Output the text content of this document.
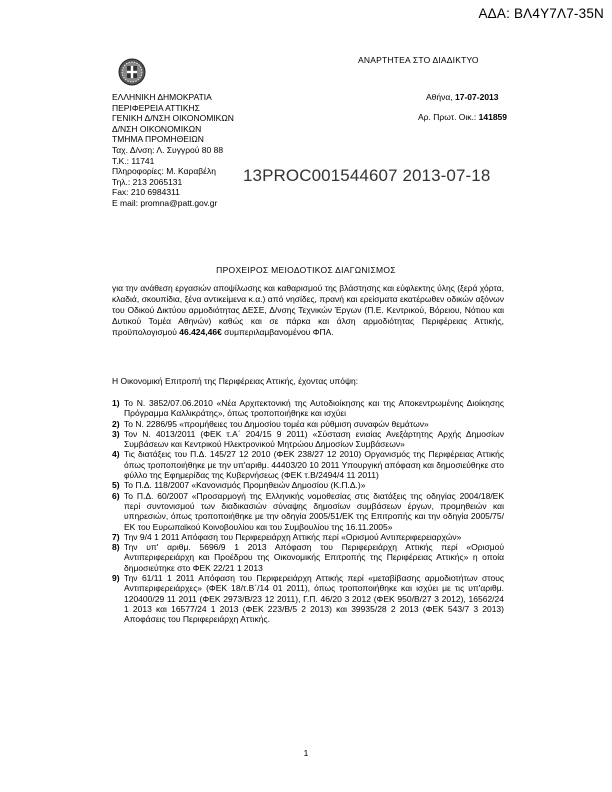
ΑΔΑ: ΒΛ4Υ7Λ7-35Ν
ΑΝΑΡΤΗΤΕΑ ΣΤΟ ΔΙΑΔΙΚΤΥΟ
ΕΛΛΗΝΙΚΗ ΔΗΜΟΚΡΑΤΙΑ
ΠΕΡΙΦΕΡΕΙΑ ΑΤΤΙΚΗΣ
ΓΕΝΙΚΗ Δ/ΝΣΗ ΟΙΚΟΝΟΜΙΚΩΝ
Δ/ΝΣΗ ΟΙΚΟΝΟΜΙΚΩΝ
ΤΜΗΜΑ ΠΡΟΜΗΘΕΙΩΝ
Ταχ. Δ/νση: Λ. Συγγρού 80 88
Τ.Κ.: 11741
Πληροφορίες: Μ. Καραβέλη
Τηλ.: 213 2065131
Fax: 210 6984311
E mail: promna@patt.gov.gr
Αθήνα, 17-07-2013
Αρ. Πρωτ. Οικ.: 141859
13PROC001544607 2013-07-18
ΠΡΟΧΕΙΡΟΣ ΜΕΙΟΔΟΤΙΚΟΣ ΔΙΑΓΩΝΙΣΜΟΣ
για την ανάθεση εργασιών αποψίλωσης και καθαρισμού της βλάστησης και εύφλεκτης ύλης (ξερά χόρτα, κλαδιά, σκουπίδια, ξένα αντικείμενα κ.α.) από νησίδες, πρανή και ερείσματα εκατέρωθεν οδικών αξόνων του Οδικού Δικτύου αρμοδιότητας ΔΕΣΕ, Δ/νσης Τεχνικών Έργων (Π.Ε. Κεντρικού, Βόρειου, Νότιου και Δυτικού Τομέα Αθηνών) καθώς και σε πάρκα και άλση αρμοδιότητας Περιφέρειας Αττικής, προϋπολογισμού 46.424,46€ συμπεριλαμβανομένου ΦΠΑ.
Η Οικονομική Επιτροπή της Περιφέρειας Αττικής, έχοντας υπόψη:
1) Το Ν. 3852/07.06.2010 «Νέα Αρχιτεκτονική της Αυτοδιοίκησης και της Αποκεντρωμένης Διοίκησης Πρόγραμμα Καλλικράτης», όπως τροποποιήθηκε και ισχύει
2) Το Ν. 2286/95 «προμήθειες του Δημοσίου τομέα και ρύθμιση συναφών θεμάτων»
3) Τον Ν. 4013/2011 (ΦΕΚ τ.Α΄ 204/15 9 2011) «Σύσταση ενιαίας Ανεξάρτητης Αρχής Δημοσίων Συμβάσεων και Κεντρικού Ηλεκτρονικού Μητρώου Δημοσίων Συμβάσεων»
4) Τις διατάξεις του Π.Δ. 145/27 12 2010 (ΦΕΚ 238/27 12 2010) Οργανισμός της Περιφέρειας Αττικής όπως τροποποιήθηκε με την υπ'αριθμ. 44403/20 10 2011 Υπουργική απόφαση και δημοσιεύθηκε στο φύλλο της Εφημερίδας της Κυβερνήσεως (ΦΕΚ τ.Β/2494/4 11 2011)
5) Το Π.Δ. 118/2007 «Κανονισμός Προμηθειών Δημοσίου (Κ.Π.Δ.)»
6) Το Π.Δ. 60/2007 «Προσαρμογή της Ελληνικής νομοθεσίας στις διατάξεις της οδηγίας 2004/18/ΕΚ περί συντονισμού των διαδικασιών σύναψης δημοσίων συμβάσεων έργων, προμηθειών και υπηρεσιών, όπως τροποποιήθηκε με την οδηγία 2005/51/ΕΚ της Επιτροπής και την οδηγία 2005/75/ΕΚ του Ευρωπαϊκού Κοινοβουλίου και του Συμβουλίου της 16.11.2005»
7) Την 9/4 1 2011 Απόφαση του Περιφερειάρχη Αττικής περί «Ορισμού Αντιπεριφερειαρχών»
8) Την υπ' αριθμ. 5696/9 1 2013 Απόφαση του Περιφερειάρχη Αττικής περί «Ορισμού Αντιπεριφερειάρχη και Προέδρου της Οικονομικής Επιτροπής της Περιφέρειας Αττικής» η οποία δημοσιεύτηκε στο ΦΕΚ 22/21 1 2013
9) Την 61/11 1 2011 Απόφαση του Περιφερειάρχη Αττικής περί «μεταβίβασης αρμοδιοτήτων στους Αντιπεριφερειάρχες» (ΦΕΚ 18/τ.Β΄/14 01 2011), όπως τροποποιήθηκε και ισχύει με τις υπ'αριθμ. 120400/29 11 2011 (ΦΕΚ 2973/Β/23 12 2011), Γ.Π. 46/20 3 2012 (ΦΕΚ 950/Β/27 3 2012), 16562/24 1 2013 και 16577/24 1 2013 (ΦΕΚ 223/Β/5 2 2013) και 39935/28 2 2013 (ΦΕΚ 543/7 3 2013) Αποφάσεις του Περιφερειάρχη Αττικής.
1
